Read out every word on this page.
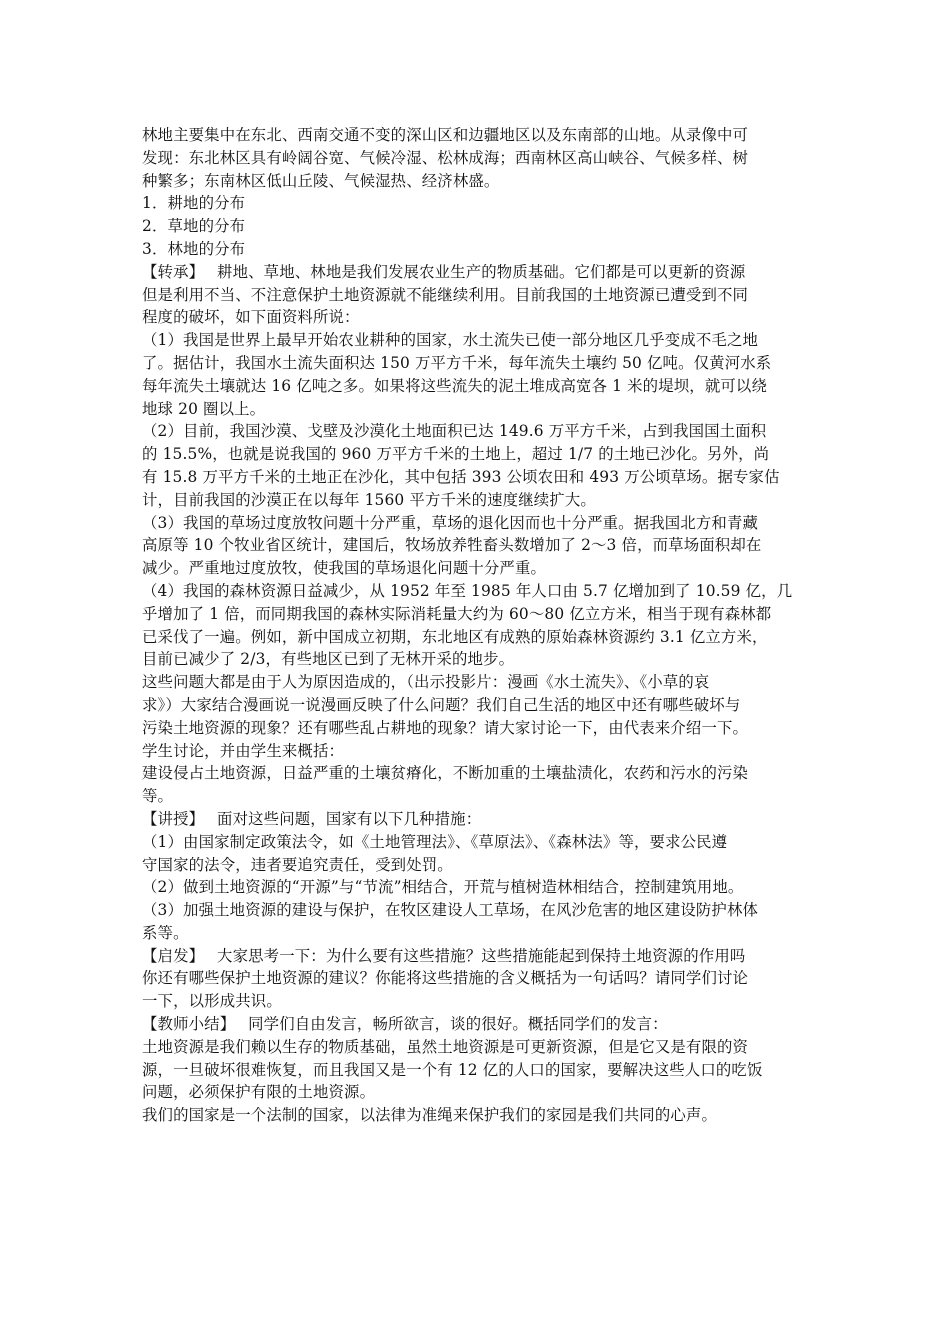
林地主要集中在东北、西南交通不变的深山区和边疆地区以及东南部的山地。从录像中可
发现：东北林区具有岭阔谷宽、气候冷湿、松林成海；西南林区高山峡谷、气候多样、树
种繁多；东南林区低山丘陵、气候湿热、经济林盛。
1．耕地的分布
2．草地的分布
3．林地的分布
【转承】　 耕地、草地、林地是我们发展农业生产的物质基础。它们都是可以更新的资源
但是利用不当、不注意保护土地资源就不能继续利用。目前我国的土地资源已遭受到不同
程度的破坏，如下面资料所说：
（1）我国是世界上最早开始农业耕种的国家，水土流失已使一部分地区几乎变成不毛之地
了。据估计，我国水土流失面积达 150 万平方千米，每年流失土壤约 50 亿吨。仅黄河水系
每年流失土壤就达 16 亿吨之多。如果将这些流失的泥土堆成高宽各 1 米的堤坝，就可以绕
地球 20 圈以上。
（2）目前，我国沙漠、戈壁及沙漠化土地面积已达 149.6 万平方千米，占到我国国土面积
的 15.5%，也就是说我国的 960 万平方千米的土地上，超过 1/7 的土地已沙化。另外，尚
有 15.8 万平方千米的土地正在沙化，其中包括 393 公顷农田和 493 万公顷草场。据专家估
计，目前我国的沙漠正在以每年 1560 平方千米的速度继续扩大。
（3）我国的草场过度放牧问题十分严重，草场的退化因而也十分严重。据我国北方和青藏
高原等 10 个牧业省区统计，建国后，牧场放养牲畜头数增加了 2～3 倍，而草场面积却在
减少。严重地过度放牧，使我国的草场退化问题十分严重。
（4）我国的森林资源日益减少，从 1952 年至 1985 年人口由 5.7 亿增加到了 10.59 亿，几
乎增加了 1 倍，而同期我国的森林实际消耗量大约为 60～80 亿立方米，相当于现有森林都
已采伐了一遍。例如，新中国成立初期，东北地区有成熟的原始森林资源约 3.1 亿立方米，
目前已减少了 2/3，有些地区已到了无林开采的地步。
这些问题大都是由于人为原因造成的，（出示投影片：漫画《水土流失》、《小草的哀
求》）大家结合漫画说一说漫画反映了什么问题？我们自己生活的地区中还有哪些破坏与
污染土地资源的现象？还有哪些乱占耕地的现象？请大家讨论一下，由代表来介绍一下。
学生讨论，并由学生来概括：
建设侵占土地资源，日益严重的土壤贫瘠化，不断加重的土壤盐渍化，农药和污水的污染
等。
【讲授】　 面对这些问题，国家有以下几种措施：
（1）由国家制定政策法令，如《土地管理法》、《草原法》、《森林法》等，要求公民遵
守国家的法令，违者要追究责任，受到处罚。
（2）做到土地资源的“开源”与“节流”相结合，开荒与植树造林相结合，控制建筑用地。
（3）加强土地资源的建设与保护，在牧区建设人工草场，在风沙危害的地区建设防护林体
系等。
【启发】　 大家思考一下：为什么要有这些措施？这些措施能起到保持土地资源的作用吗
你还有哪些保护土地资源的建议？你能将这些措施的含义概括为一句话吗？请同学们讨论
一下，以形成共识。
【教师小结】　 同学们自由发言，畅所欲言，谈的很好。概括同学们的发言：
土地资源是我们赖以生存的物质基础，虽然土地资源是可更新资源，但是它又是有限的资
源，一旦破坏很难恢复，而且我国又是一个有 12 亿的人口的国家，要解决这些人口的吃饭
问题，必须保护有限的土地资源。
我们的国家是一个法制的国家，以法律为准绳来保护我们的家园是我们共同的心声。
